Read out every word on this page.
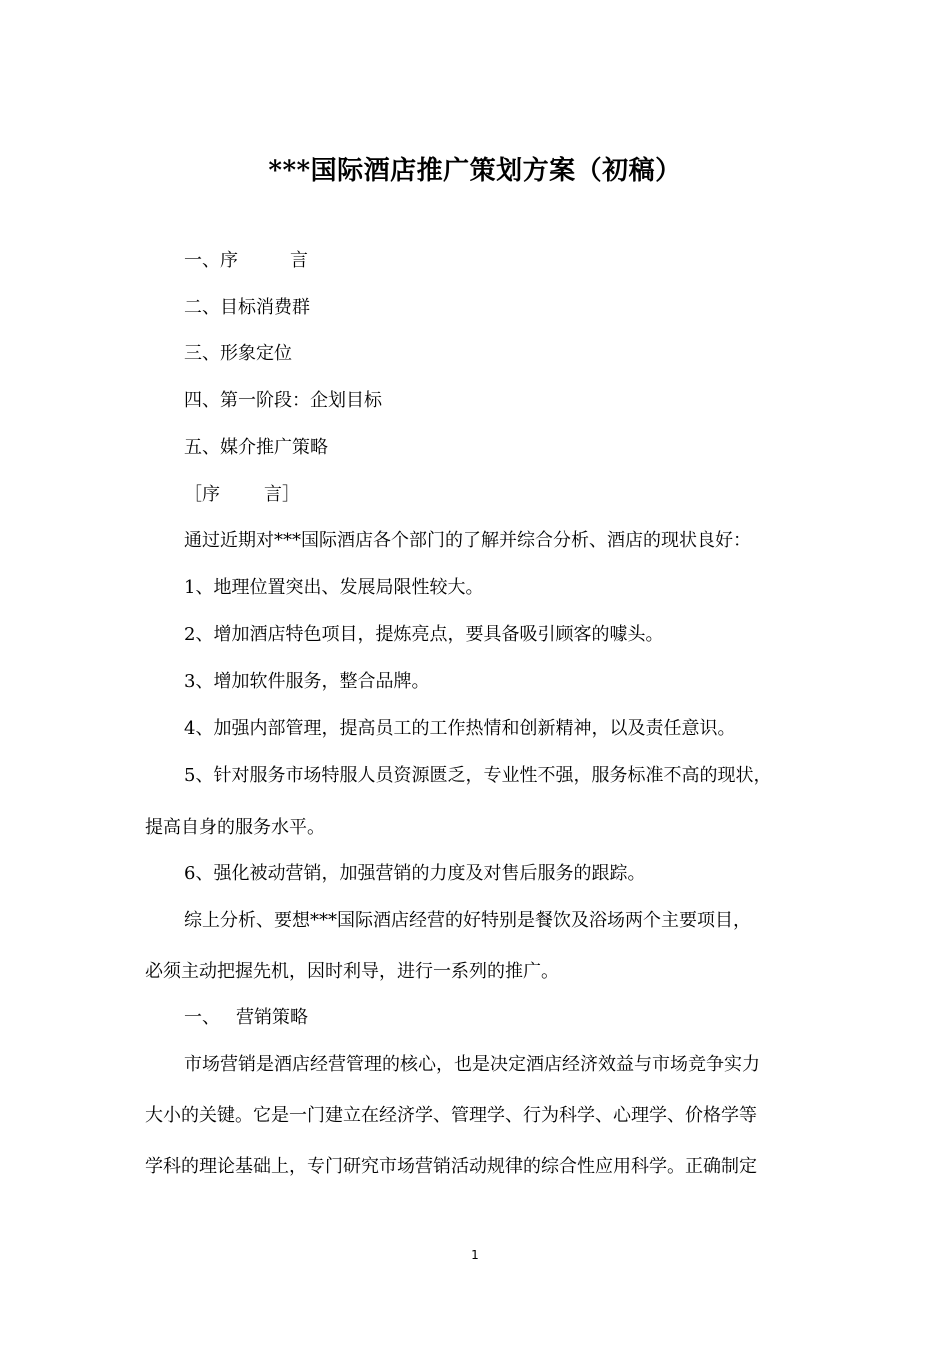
***国际酒店推广策划方案（初稿）
一、序	言
二、目标消费群
三、形象定位
四、第一阶段：企划目标
五、媒介推广策略
［序 言］
通过近期对***国际酒店各个部门的了解并综合分析、酒店的现状良好：
1、地理位置突出、发展局限性较大。
2、增加酒店特色项目，提炼亮点，要具备吸引顾客的噱头。
3、增加软件服务，整合品牌。
4、加强内部管理，提高员工的工作热情和创新精神，以及责任意识。
5、针对服务市场特服人员资源匮乏，专业性不强，服务标准不高的现状，
提高自身的服务水平。
6、强化被动营销，加强营销的力度及对售后服务的跟踪。
综上分析、要想***国际酒店经营的好特别是餐饮及浴场两个主要项目，
必须主动把握先机，因时利导，进行一系列的推广。
一、 营销策略
市场营销是酒店经营管理的核心，也是决定酒店经济效益与市场竞争实力
大小的关键。它是一门建立在经济学、管理学、行为科学、心理学、价格学等
学科的理论基础上，专门研究市场营销活动规律的综合性应用科学。正确制定
1
